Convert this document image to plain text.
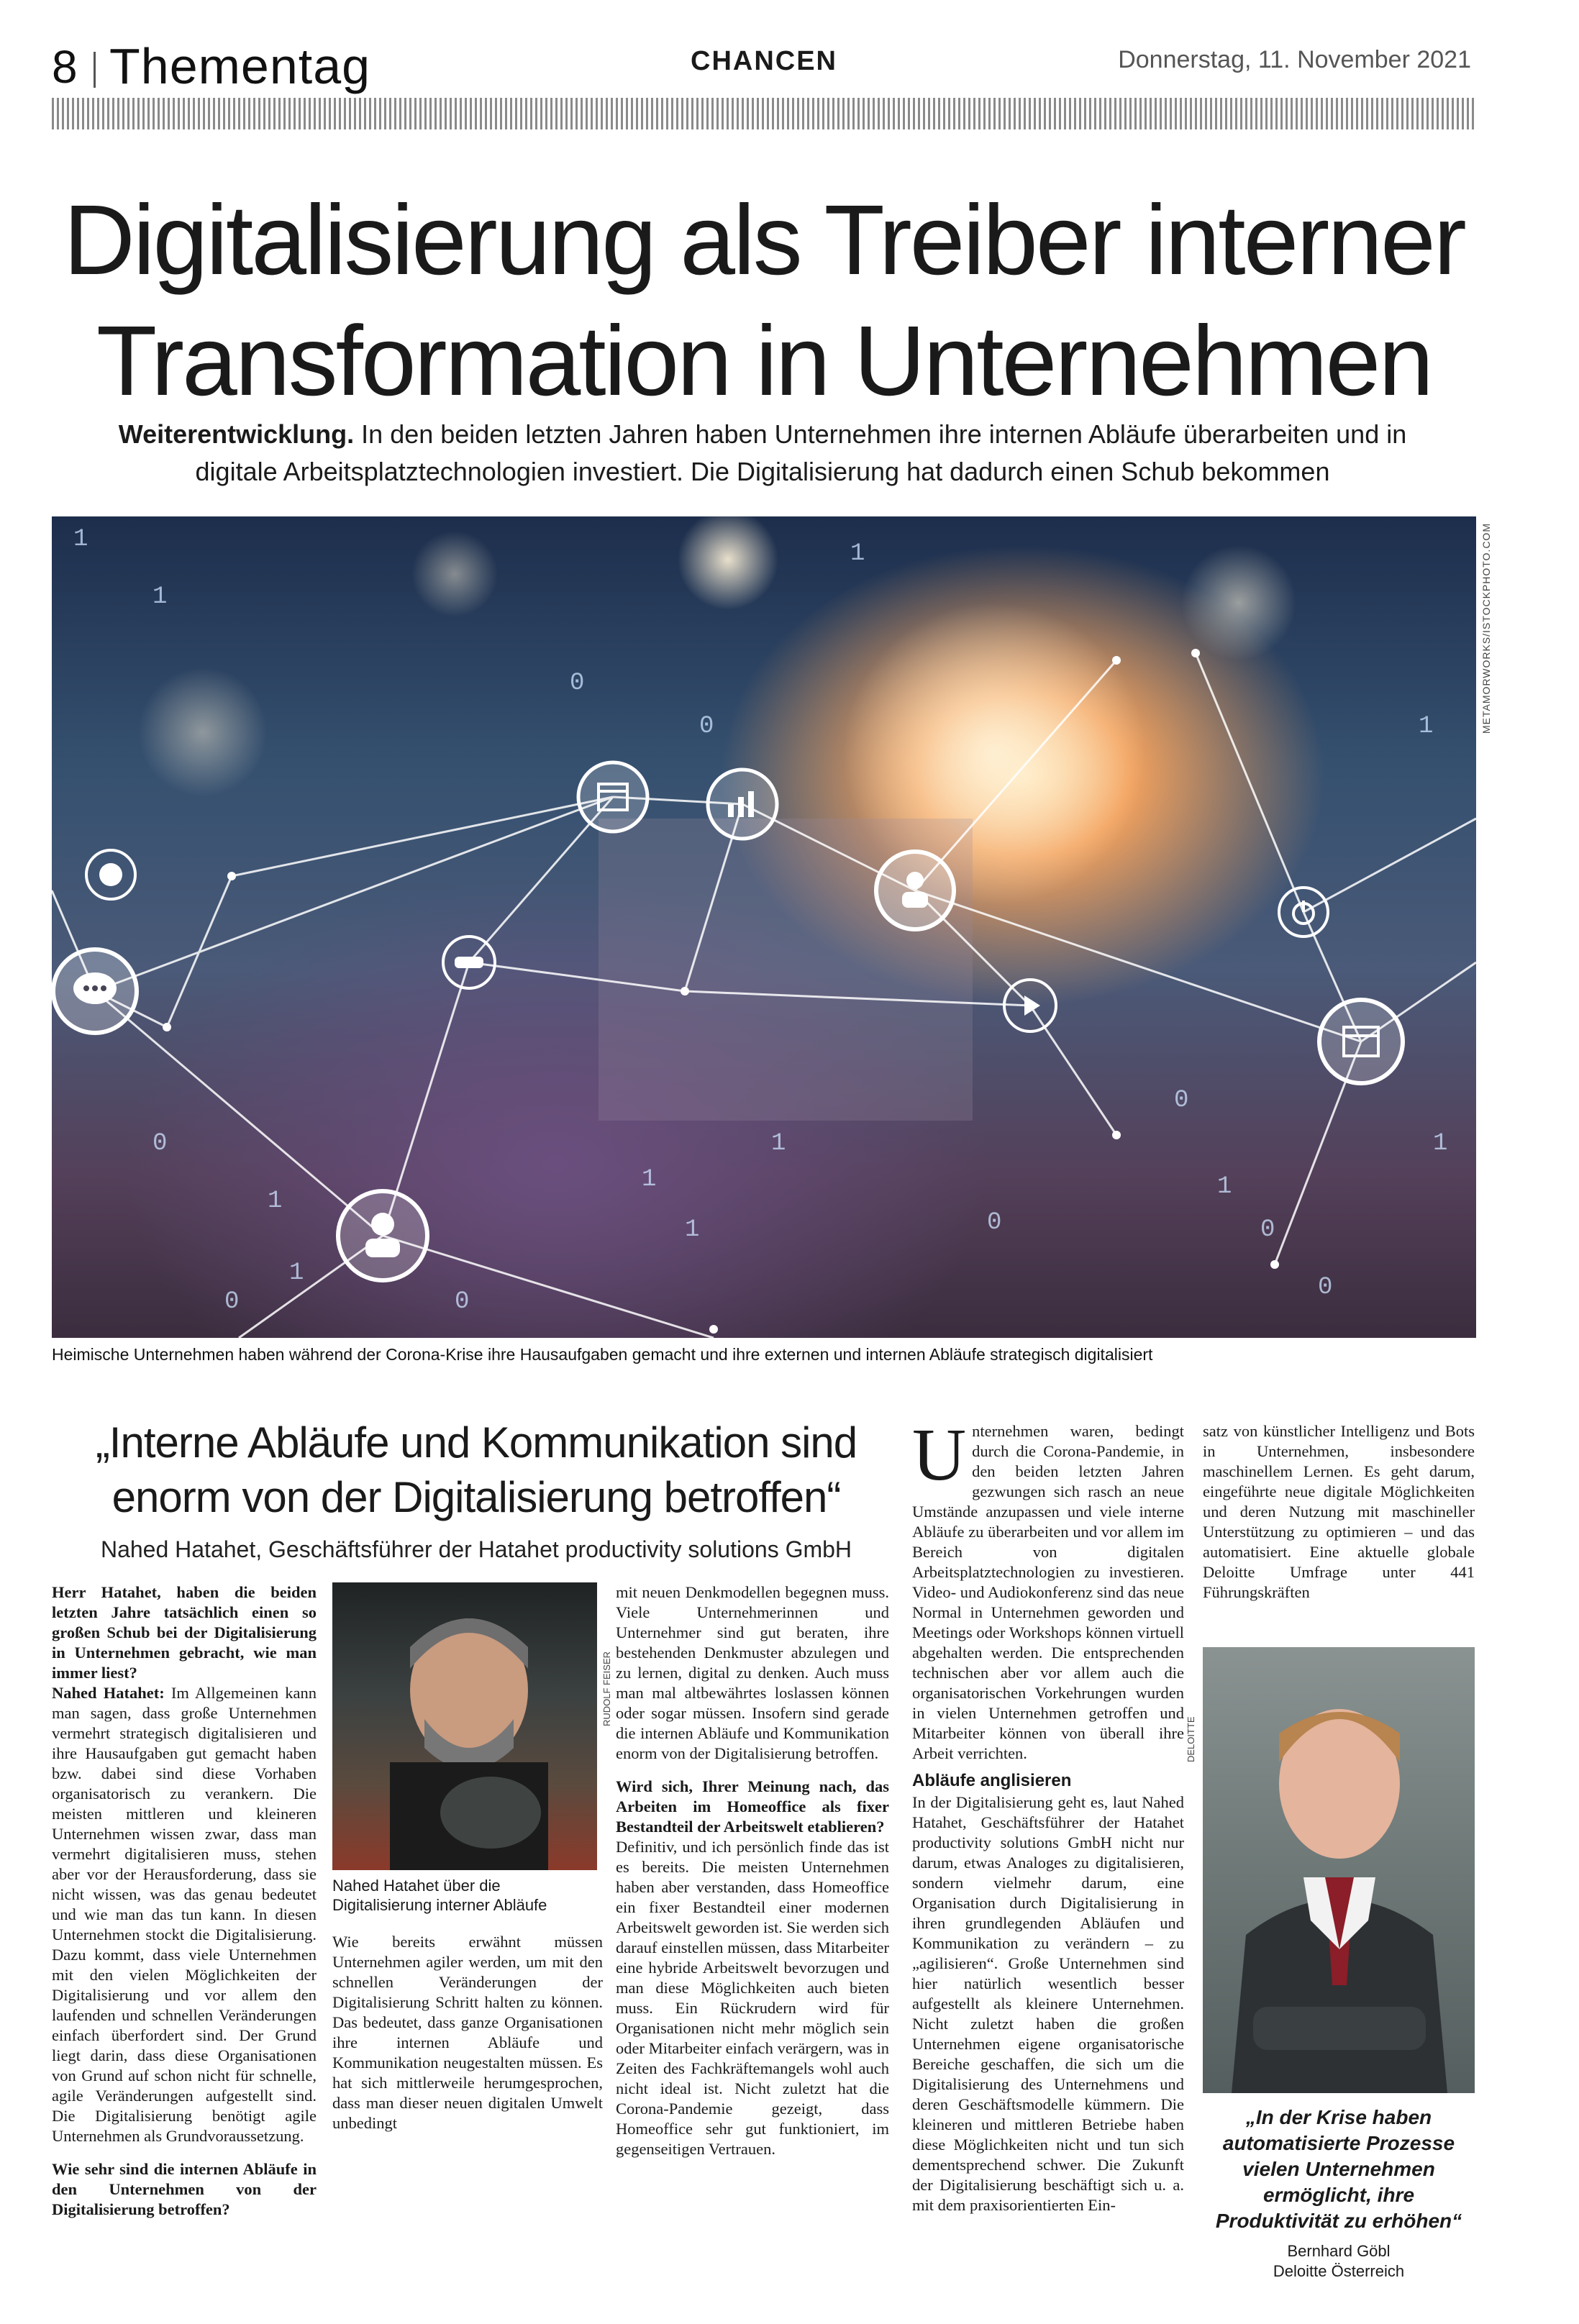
8 Thementag	CHANCEN	Donnerstag, 11. November 2021
Digitalisierung als Treiber interner
Transformation in Unternehmen
Weiterentwicklung. In den beiden letzten Jahren haben Unternehmen ihre internen Abläufe überarbeiten und in digitale Arbeitsplatztechnologien investiert. Die Digitalisierung hat dadurch einen Schub bekommen
1
0
1
1
0
0
1
1
0
1
1
0
1
0
0
1
1
1
0
0
METAMORWORKS/ISTOCKPHOTO.COM
Heimische Unternehmen haben während der Corona-Krise ihre Hausaufgaben gemacht und ihre externen und internen Abläufe strategisch digitalisiert
„Interne Abläufe und Kommunikation sind enorm von der Digitalisierung betroffen“
Nahed Hatahet, Geschäftsführer der Hatahet productivity solutions GmbH

Herr Hatahet, haben die beiden letzten Jahre tatsächlich einen so großen Schub bei der Digitalisierung in Unternehmen gebracht, wie man immer liest?

Nahed Hatahet: Im Allgemeinen kann man sagen, dass große Unternehmen vermehrt strategisch digitalisieren und ihre Hausaufgaben gut gemacht haben bzw. dabei sind diese Vorhaben organisatorisch zu verankern. Die meisten mittleren und kleineren Unternehmen wissen zwar, dass man vermehrt digitalisieren muss, stehen aber vor der Herausforderung, dass sie nicht wissen, was das genau bedeutet und wie man das tun kann. In diesen Unternehmen stockt die Digitalisierung. Dazu kommt, dass viele Unternehmen mit den vielen Möglichkeiten der Digitalisierung und vor allem den laufenden und schnellen Veränderungen einfach überfordert sind. Der Grund liegt darin, dass diese Organisationen von Grund auf schon nicht für schnelle, agile Veränderungen aufgestellt sind. Die Digitalisierung benötigt agile Unternehmen als Grundvoraussetzung.

Wie sehr sind die internen Abläufe in den Unternehmen von der Digitalisierung betroffen?

RUDOLF FEISER
Nahed Hatahet über die Digitalisierung interner Abläufe

Wie bereits erwähnt müssen Unternehmen agiler werden, um mit den schnellen Veränderungen der Digitalisierung Schritt halten zu können. Das bedeutet, dass ganze Organisationen ihre internen Abläufe und Kommunikation neugestalten müssen. Es hat sich mittlerweile herumgesprochen, dass man dieser neuen digitalen Umwelt unbedingt

mit neuen Denkmodellen begegnen muss. Viele Unternehmerinnen und Unternehmer sind gut beraten, ihre bestehenden Denkmuster abzulegen und zu lernen, digital zu denken. Auch muss man mal altbewährtes loslassen können oder sogar müssen. Insofern sind gerade die internen Abläufe und Kommunikation enorm von der Digitalisierung betroffen.

Wird sich, Ihrer Meinung nach, das Arbeiten im Homeoffice als fixer Bestandteil der Arbeitswelt etablieren?

Definitiv, und ich persönlich finde das ist es bereits. Die meisten Unternehmen haben aber verstanden, dass Homeoffice ein fixer Bestandteil einer modernen Arbeitswelt geworden ist. Sie werden sich darauf einstellen müssen, dass Mitarbeiter eine hybride Arbeitswelt bevorzugen und man diese Möglichkeiten auch bieten muss. Ein Rückrudern wird für Organisationen nicht mehr möglich sein oder Mitarbeiter einfach verärgern, was in Zeiten des Fachkräftemangels wohl auch nicht ideal ist. Nicht zuletzt hat die Corona-Pandemie gezeigt, dass Homeoffice sehr gut funktioniert, im gegenseitigen Vertrauen.

Unternehmen waren, bedingt durch die Corona-Pandemie, in den beiden letzten Jahren gezwungen sich rasch an neue Umstände anzupassen und viele interne Abläufe zu überarbeiten und vor allem im Bereich von digitalen Arbeitsplatztechnologien zu investieren. Video- und Audiokonferenz sind das neue Normal in Unternehmen geworden und Meetings oder Workshops können virtuell abgehalten werden. Die entsprechenden technischen aber vor allem auch die organisatorischen Vorkehrungen wurden in vielen Unternehmen getroffen und Mitarbeiter können von überall ihre Arbeit verrichten.

Abläufe anglisieren

In der Digitalisierung geht es, laut Nahed Hatahet, Geschäftsführer der Hatahet productivity solutions GmbH nicht nur darum, etwas Analoges zu digitalisieren, sondern vielmehr darum, eine Organisation durch Digitalisierung in ihren grundlegenden Abläufen und Kommunikation zu verändern – zu „agilisieren“. Große Unternehmen sind hier natürlich wesentlich besser aufgestellt als kleinere Unternehmen. Nicht zuletzt haben die großen Unternehmen eigene organisatorische Bereiche geschaffen, die sich um die Digitalisierung des Unternehmens und deren Geschäftsmodelle kümmern. Die kleineren und mittleren Betriebe haben diese Möglichkeiten nicht und tun sich dementsprechend schwer. Die Zukunft der Digitalisierung beschäftigt sich u. a. mit dem praxisorientierten Ein-

satz von künstlicher Intelligenz und Bots in Unternehmen, insbesondere maschinellem Lernen. Es geht darum, eingeführte neue digitale Möglichkeiten und deren Nutzung mit maschineller Unterstützung zu optimieren – und das automatisiert. Eine aktuelle globale Deloitte Umfrage unter 441 Führungskräften

DELOITTE
„In der Krise haben automatisierte Prozesse vielen Unternehmen ermöglicht, ihre Produktivität zu erhöhen“
Bernhard Göbl
Deloitte Österreich
